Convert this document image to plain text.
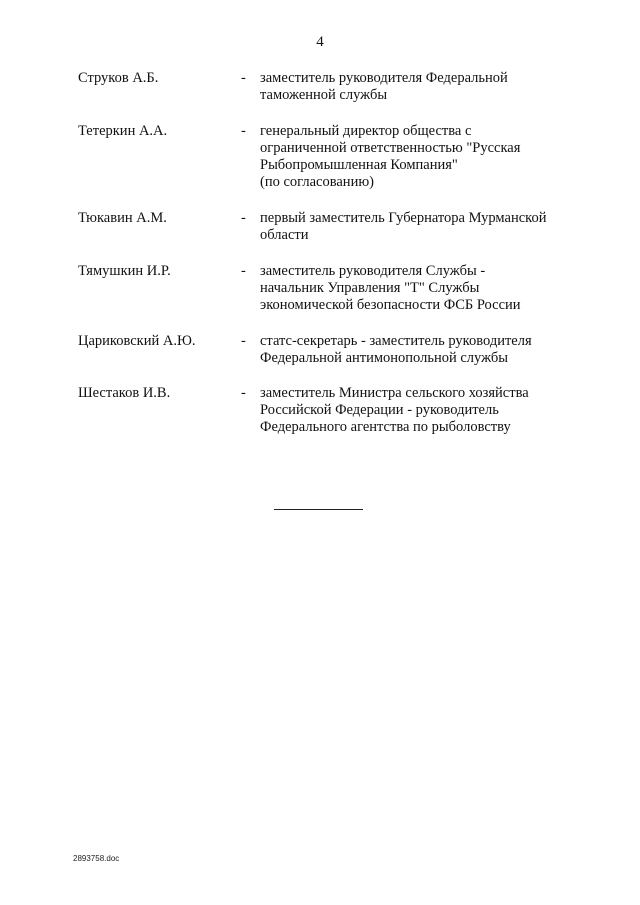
4
Струков А.Б.	- заместитель руководителя Федеральной
таможенной службы
Тетеркин А.А.	- генеральный директор общества с
ограниченной ответственностью "Русская
Рыбопромышленная Компания"
(по согласованию)
Тюкавин А.М.	- первый заместитель Губернатора Мурманской
области
Тямушкин И.Р.	- заместитель руководителя Службы -
начальник Управления "Т" Службы
экономической безопасности ФСБ России
Цариковский А.Ю.	- статс-секретарь - заместитель руководителя
Федеральной антимонопольной службы
Шестаков И.В.	- заместитель Министра сельского хозяйства
Российской Федерации - руководитель
Федерального агентства по рыболовству
2893758.doc
